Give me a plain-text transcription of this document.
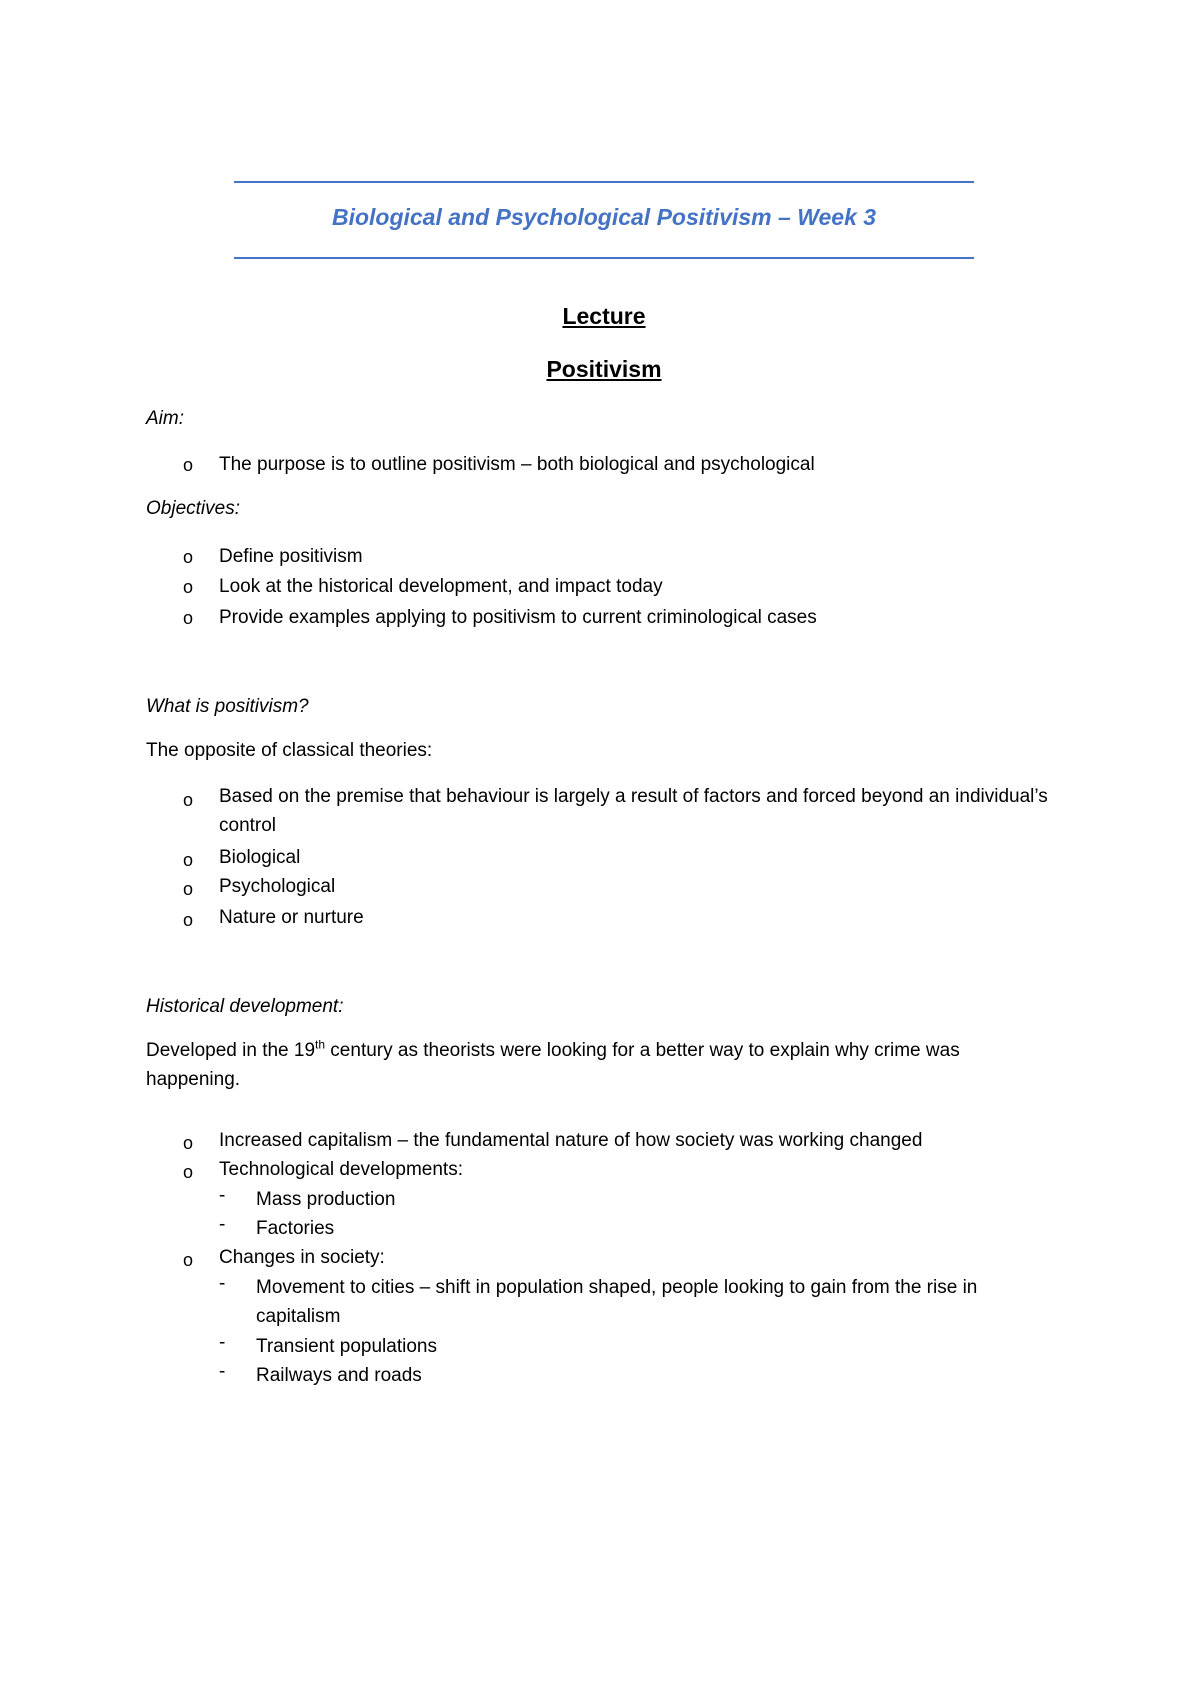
Biological and Psychological Positivism – Week 3
Lecture
Positivism
Aim:
o The purpose is to outline positivism – both biological and psychological
Objectives:
o Define positivism
o Look at the historical development, and impact today
o Provide examples applying to positivism to current criminological cases
What is positivism?
The opposite of classical theories:
o Based on the premise that behaviour is largely a result of factors and forced beyond an individual’s control
o Biological
o Psychological
o Nature or nurture
Historical development:
Developed in the 19th century as theorists were looking for a better way to explain why crime was happening.
o Increased capitalism – the fundamental nature of how society was working changed
o Technological developments:
- Mass production
- Factories
o Changes in society:
- Movement to cities – shift in population shaped, people looking to gain from the rise in capitalism
- Transient populations
- Railways and roads
